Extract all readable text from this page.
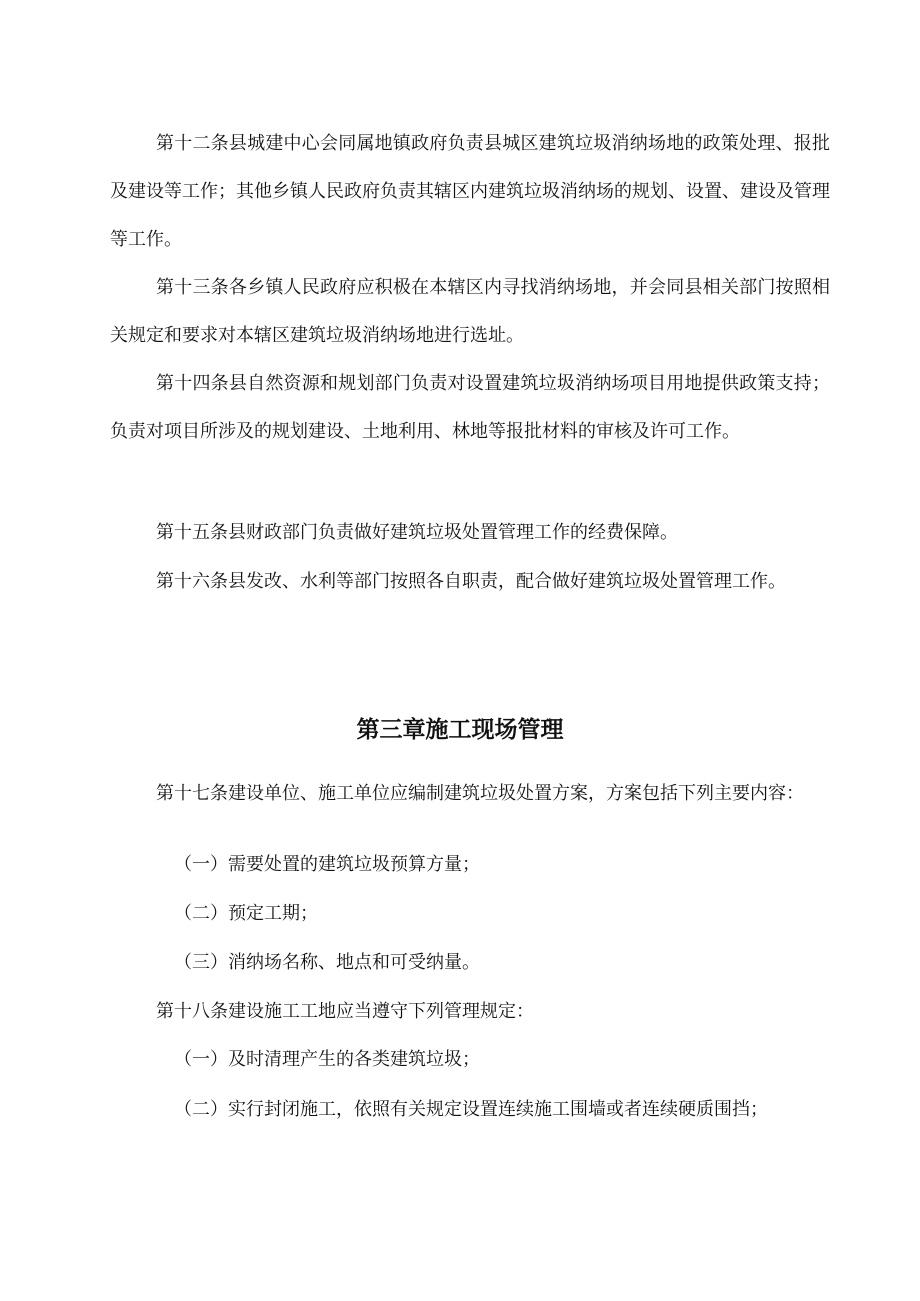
第十二条县城建中心会同属地镇政府负责县城区建筑垃圾消纳场地的政策处理、报批及建设等工作；其他乡镇人民政府负责其辖区内建筑垃圾消纳场的规划、设置、建设及管理等工作。

第十三条各乡镇人民政府应积极在本辖区内寻找消纳场地，并会同县相关部门按照相关规定和要求对本辖区建筑垃圾消纳场地进行选址。

第十四条县自然资源和规划部门负责对设置建筑垃圾消纳场项目用地提供政策支持；负责对项目所涉及的规划建设、土地利用、林地等报批材料的审核及许可工作。

第十五条县财政部门负责做好建筑垃圾处置管理工作的经费保障。

第十六条县发改、水利等部门按照各自职责，配合做好建筑垃圾处置管理工作。

第三章施工现场管理

第十七条建设单位、施工单位应编制建筑垃圾处置方案，方案包括下列主要内容：

（一）需要处置的建筑垃圾预算方量；

（二）预定工期；

（三）消纳场名称、地点和可受纳量。

第十八条建设施工工地应当遵守下列管理规定：

（一）及时清理产生的各类建筑垃圾；

（二）实行封闭施工，依照有关规定设置连续施工围墙或者连续硬质围挡；
